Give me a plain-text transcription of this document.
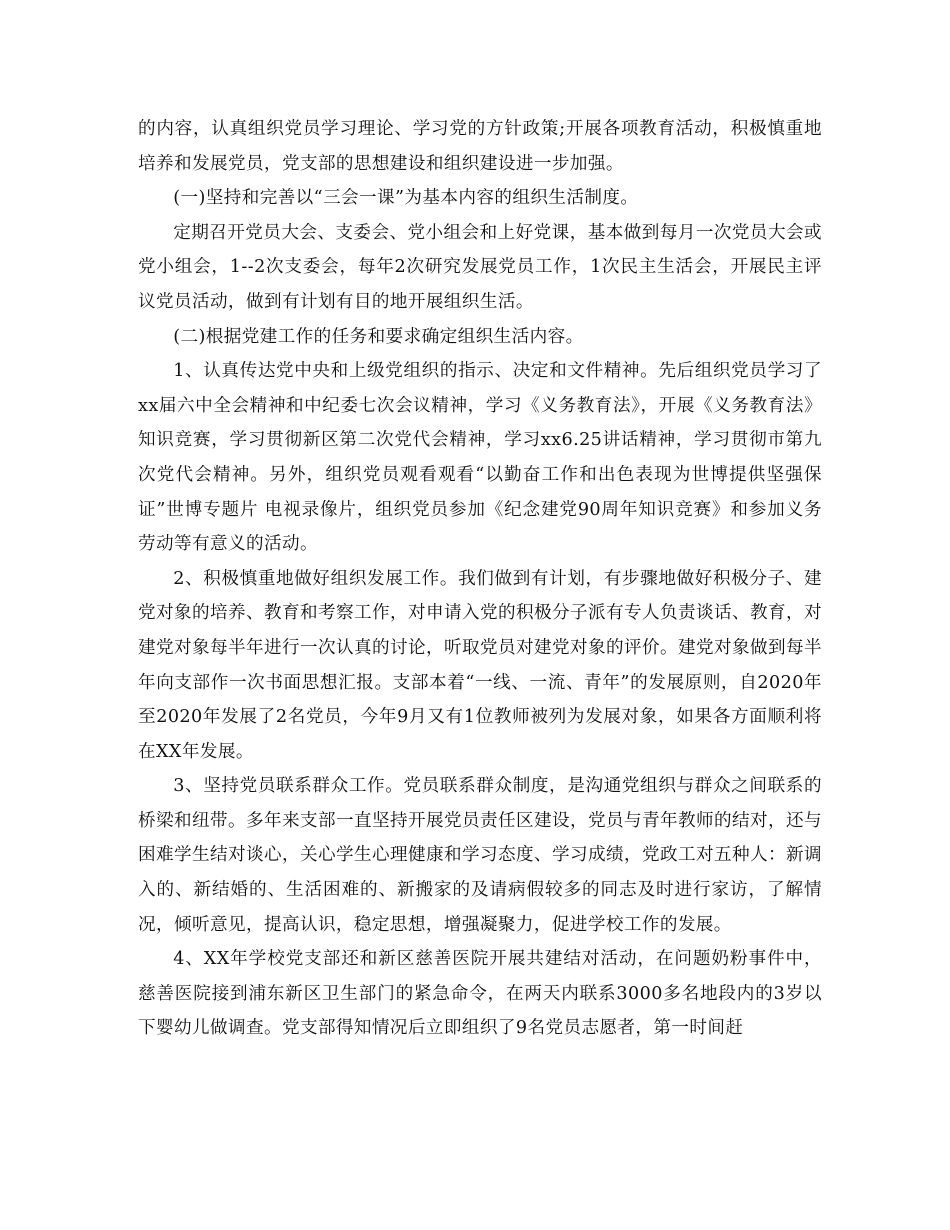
的内容，认真组织党员学习理论、学习党的方针政策;开展各项教育活动，积极慎重地培养和发展党员，党支部的思想建设和组织建设进一步加强。

(一)坚持和完善以“三会一课”为基本内容的组织生活制度。

定期召开党员大会、支委会、党小组会和上好党课，基本做到每月一次党员大会或党小组会，1--2次支委会，每年2次研究发展党员工作，1次民主生活会，开展民主评议党员活动，做到有计划有目的地开展组织生活。

(二)根据党建工作的任务和要求确定组织生活内容。

1、认真传达党中央和上级党组织的指示、决定和文件精神。先后组织党员学习了xx届六中全会精神和中纪委七次会议精神，学习《义务教育法》，开展《义务教育法》知识竞赛，学习贯彻新区第二次党代会精神，学习xx6.25讲话精神，学习贯彻市第九次党代会精神。另外，组织党员观看观看“以勤奋工作和出色表现为世博提供坚强保证”世博专题片 电视录像片，组织党员参加《纪念建党90周年知识竞赛》和参加义务劳动等有意义的活动。

2、积极慎重地做好组织发展工作。我们做到有计划，有步骤地做好积极分子、建党对象的培养、教育和考察工作，对申请入党的积极分子派有专人负责谈话、教育，对建党对象每半年进行一次认真的讨论，听取党员对建党对象的评价。建党对象做到每半年向支部作一次书面思想汇报。支部本着“一线、一流、青年”的发展原则，自2020年至2020年发展了2名党员，今年9月又有1位教师被列为发展对象，如果各方面顺利将在XX年发展。

3、坚持党员联系群众工作。党员联系群众制度，是沟通党组织与群众之间联系的桥梁和纽带。多年来支部一直坚持开展党员责任区建设，党员与青年教师的结对，还与困难学生结对谈心，关心学生心理健康和学习态度、学习成绩，党政工对五种人：新调入的、新结婚的、生活困难的、新搬家的及请病假较多的同志及时进行家访，了解情况，倾听意见，提高认识，稳定思想，增强凝聚力，促进学校工作的发展。

4、XX年学校党支部还和新区慈善医院开展共建结对活动，在问题奶粉事件中，慈善医院接到浦东新区卫生部门的紧急命令，在两天内联系3000多名地段内的3岁以下婴幼儿做调查。党支部得知情况后立即组织了9名党员志愿者，第一时间赶
